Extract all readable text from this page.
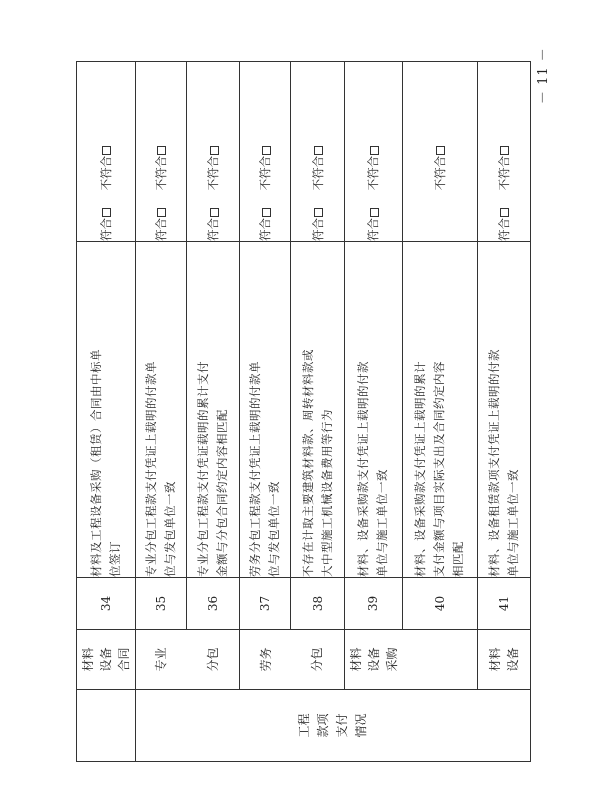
	材料 设备 合同	34	材料及工程设备采购（租赁）合同由中标单 位签订	符合 不符合

工程 款项 支付 情况	专业	35	专业分包工程款支付凭证上载明的付款单 位与发包单位一致	符合 不符合
	分包	36	专业分包工程款支付凭证载明的累计支付 金额与分包合同约定内容相匹配	符合 不符合
	劳务	37	劳务分包工程款支付凭证上载明的付款单 位与发包单位一致	符合 不符合
	分包	38	不存在计取主要建筑材料款、周转材料款或 大中型施工机械设备费用等行为	符合 不符合

	材料 设备 采购	39	材料、设备采购款支付凭证上载明的付款 单位与施工单位一致	符合 不符合
		40	材料、设备采购款支付凭证上载明的累计 支付金额与项目实际支出及合同约定内容 相匹配	不符合

	材料 设备	41	材料、设备租赁款项支付凭证上载明的付款 单位与施工单位一致	符合 不符合
－ 11 －
